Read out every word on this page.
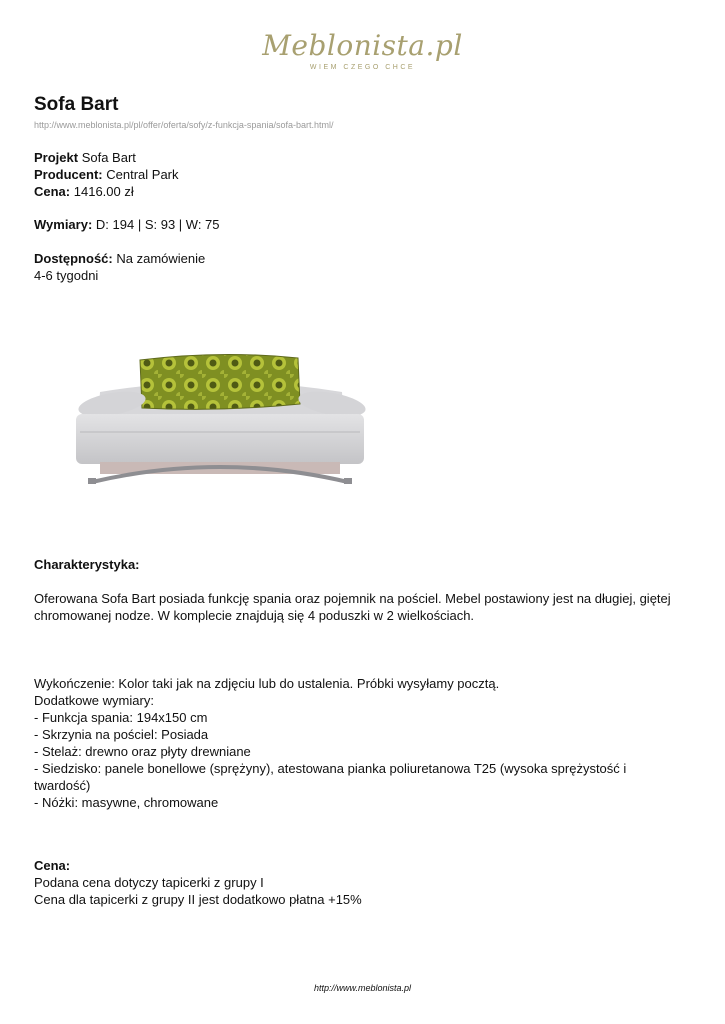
Meblonista.pl
WIEM CZEGO CHCE
Sofa Bart
http://www.meblonista.pl/pl/offer/oferta/sofy/z-funkcja-spania/sofa-bart.html/
Projekt Sofa Bart
Producent: Central Park
Cena: 1416.00 zł
Wymiary: D: 194 | S: 93 | W: 75
Dostępność: Na zamówienie
4-6 tygodni
Charakterystyka:
Oferowana Sofa Bart posiada funkcję spania oraz pojemnik na pościel. Mebel postawiony jest na długiej, giętej
chromowanej nodze. W komplecie znajdują się 4 poduszki w 2 wielkościach.
Wykończenie: Kolor taki jak na zdjęciu lub do ustalenia. Próbki wysyłamy pocztą.
Dodatkowe wymiary:
- Funkcja spania: 194x150 cm
- Skrzynia na pościel: Posiada
- Stelaż: drewno oraz płyty drewniane
- Siedzisko: panele bonellowe (sprężyny), atestowana pianka poliuretanowa T25 (wysoka sprężystość i
twardość)
- Nóżki: masywne, chromowane
Cena:
Podana cena dotyczy tapicerki z grupy I
Cena dla tapicerki z grupy II jest dodatkowo płatna +15%
http://www.meblonista.pl
